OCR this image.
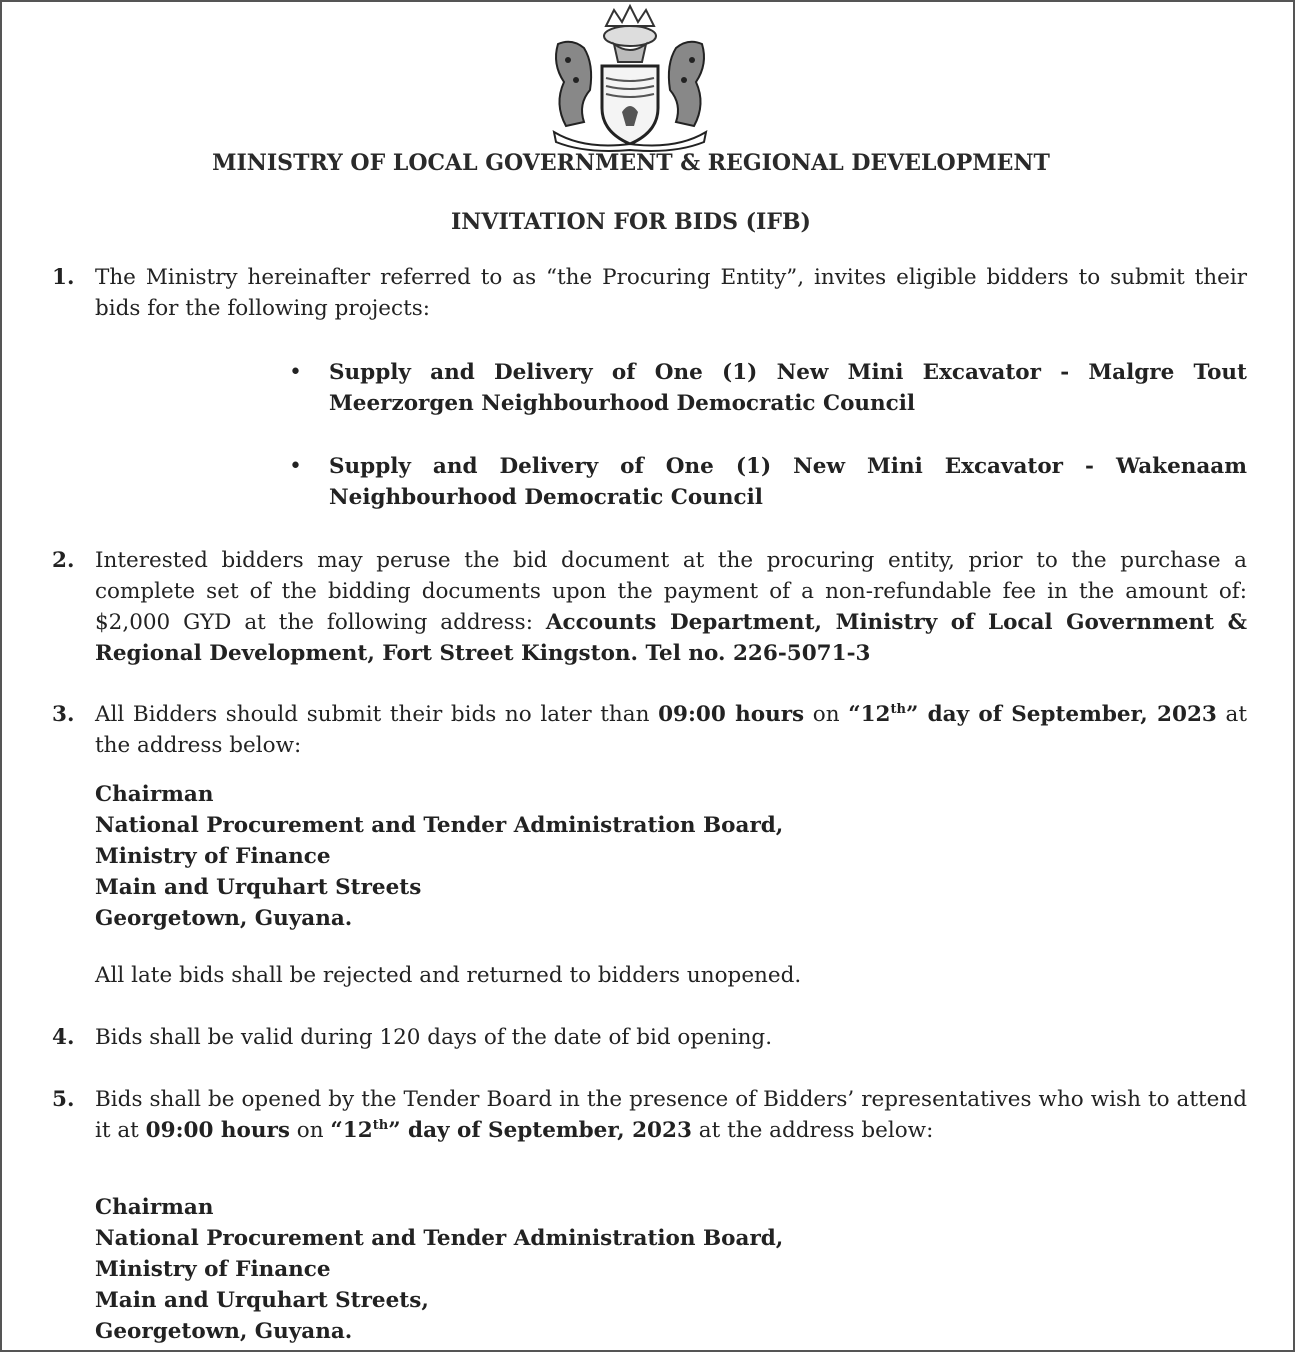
MINISTRY OF LOCAL GOVERNMENT & REGIONAL DEVELOPMENT
INVITATION FOR BIDS (IFB)
1. The Ministry hereinafter referred to as “the Procuring Entity”, invites eligible bidders to submit their bids for the following projects:
• Supply and Delivery of One (1) New Mini Excavator - Malgre Tout Meerzorgen Neighbourhood Democratic Council
• Supply and Delivery of One (1) New Mini Excavator - Wakenaam Neighbourhood Democratic Council
2. Interested bidders may peruse the bid document at the procuring entity, prior to the purchase a complete set of the bidding documents upon the payment of a non-refundable fee in the amount of: $2,000 GYD at the following address: Accounts Department, Ministry of Local Government & Regional Development, Fort Street Kingston. Tel no. 226-5071-3
3. All Bidders should submit their bids no later than 09:00 hours on “12th” day of September, 2023 at the address below:
Chairman
National Procurement and Tender Administration Board,
Ministry of Finance
Main and Urquhart Streets
Georgetown, Guyana.
All late bids shall be rejected and returned to bidders unopened.
4. Bids shall be valid during 120 days of the date of bid opening.
5. Bids shall be opened by the Tender Board in the presence of Bidders’ representatives who wish to attend it at 09:00 hours on “12th” day of September, 2023 at the address below:
Chairman
National Procurement and Tender Administration Board,
Ministry of Finance
Main and Urquhart Streets,
Georgetown, Guyana.
